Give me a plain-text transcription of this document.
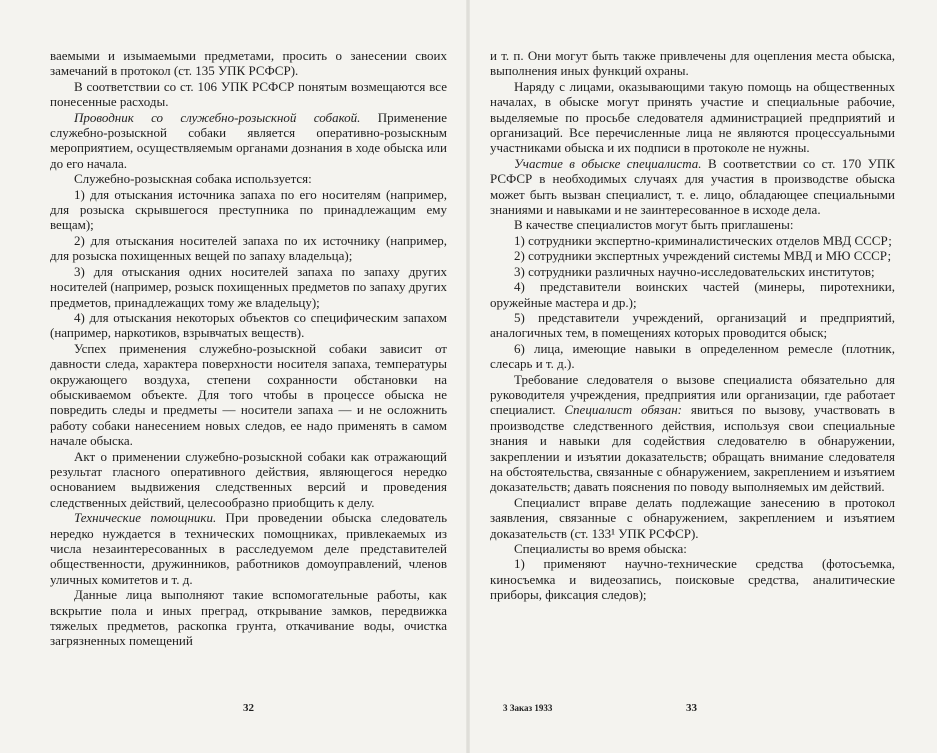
ваемыми и изымаемыми предметами, просить о занесении своих замечаний в протокол (ст. 135 УПК РСФСР).

В соответствии со ст. 106 УПК РСФСР понятым возмещаются все понесенные расходы.

Проводник со служебно-розыскной собакой. Применение служебно-розыскной собаки является оперативно-розыскным мероприятием, осуществляемым органами дознания в ходе обыска или до его начала.

Служебно-розыскная собака используется:

1) для отыскания источника запаха по его носителям (например, для розыска скрывшегося преступника по принадлежащим ему вещам);

2) для отыскания носителей запаха по их источнику (например, для розыска похищенных вещей по запаху владельца);

3) для отыскания одних носителей запаха по запаху других носителей (например, розыск похищенных предметов по запаху других предметов, принадлежащих тому же владельцу);

4) для отыскания некоторых объектов со специфическим запахом (например, наркотиков, взрывчатых веществ).

Успех применения служебно-розыскной собаки зависит от давности следа, характера поверхности носителя запаха, температуры окружающего воздуха, степени сохранности обстановки на обыскиваемом объекте. Для того чтобы в процессе обыска не повредить следы и предметы — носители запаха — и не осложнить работу собаки нанесением новых следов, ее надо применять в самом начале обыска.

Акт о применении служебно-розыскной собаки как отражающий результат гласного оперативного действия, являющегося нередко основанием выдвижения следственных версий и проведения следственных действий, целесообразно приобщить к делу.

Технические помощники. При проведении обыска следователь нередко нуждается в технических помощниках, привлекаемых из числа незаинтересованных в расследуемом деле представителей общественности, дружинников, работников домоуправлений, членов уличных комитетов и т. д.

Данные лица выполняют такие вспомогательные работы, как вскрытие пола и иных преград, открывание замков, передвижка тяжелых предметов, раскопка грунта, откачивание воды, очистка загрязненных помещений

32

и т. п. Они могут быть также привлечены для оцепления места обыска, выполнения иных функций охраны.

Наряду с лицами, оказывающими такую помощь на общественных началах, в обыске могут принять участие и специальные рабочие, выделяемые по просьбе следователя администрацией предприятий и организаций. Все перечисленные лица не являются процессуальными участниками обыска и их подписи в протоколе не нужны.

Участие в обыске специалиста. В соответствии со ст. 170 УПК РСФСР в необходимых случаях для участия в производстве обыска может быть вызван специалист, т. е. лицо, обладающее специальными знаниями и навыками и не заинтересованное в исходе дела.

В качестве специалистов могут быть приглашены:

1) сотрудники экспертно-криминалистических отделов МВД СССР;

2) сотрудники экспертных учреждений системы МВД и МЮ СССР;

3) сотрудники различных научно-исследовательских институтов;

4) представители воинских частей (минеры, пиротехники, оружейные мастера и др.);

5) представители учреждений, организаций и предприятий, аналогичных тем, в помещениях которых проводится обыск;

6) лица, имеющие навыки в определенном ремесле (плотник, слесарь и т. д.).

Требование следователя о вызове специалиста обязательно для руководителя учреждения, предприятия или организации, где работает специалист. Специалист обязан: явиться по вызову, участвовать в производстве следственного действия, используя свои специальные знания и навыки для содействия следователю в обнаружении, закреплении и изъятии доказательств; обращать внимание следователя на обстоятельства, связанные с обнаружением, закреплением и изъятием доказательств; давать пояснения по поводу выполняемых им действий.

Специалист вправе делать подлежащие занесению в протокол заявления, связанные с обнаружением, закреплением и изъятием доказательств (ст. 133¹ УПК РСФСР).

Специалисты во время обыска:

1) применяют научно-технические средства (фотосъемка, киносъемка и видеозапись, поисковые средства, аналитические приборы, фиксация следов);

3 Заказ 1933	33
